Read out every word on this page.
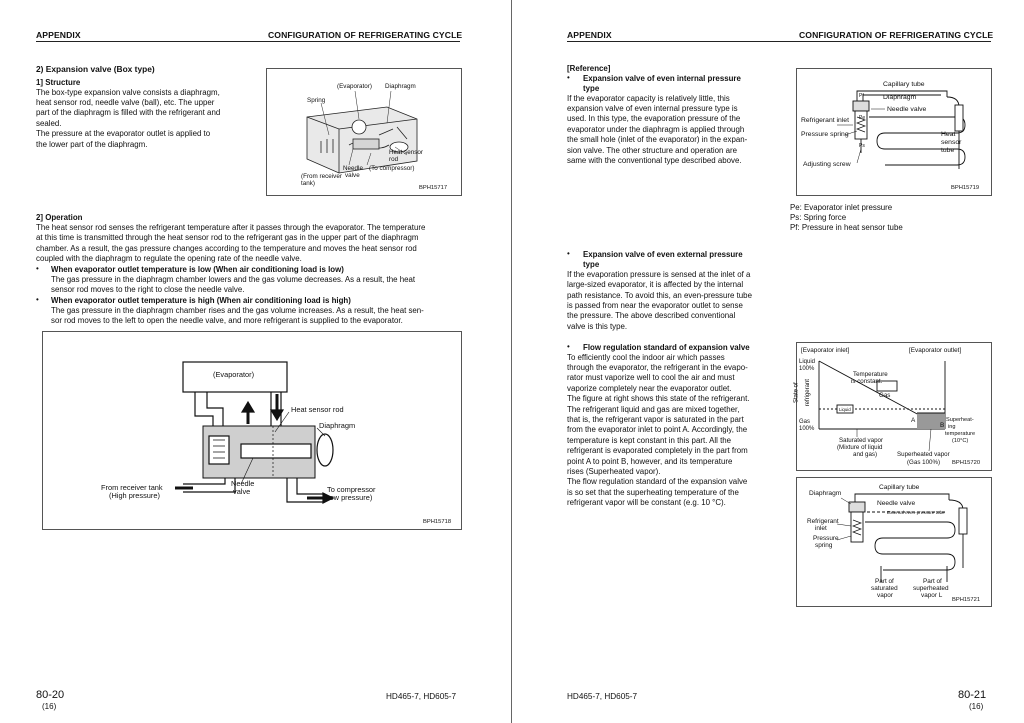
APPENDIX	CONFIGURATION OF REFRIGERATING CYCLE
2) Expansion valve (Box type)
1] Structure
The box-type expansion valve consists a diaphragm,
heat sensor rod, needle valve (ball), etc. The upper
part of the diaphragm is filled with the refrigerant and
sealed.
The pressure at the evaporator outlet is applied to
the lower part of the diaphragm.
(Evaporator) Diaphragm
Spring
Heat sensor
rod
Needle
valve
(To compressor)
(From receiver
tank)
BPH15717
2] Operation
The heat sensor rod senses the refrigerant temperature after it passes through the evaporator. The temperature
at this time is transmitted through the heat sensor rod to the refrigerant gas in the upper part of the diaphragm
chamber. As a result, the gas pressure changes according to the temperature and moves the heat sensor rod
coupled with the diaphragm to regulate the opening rate of the needle valve.
• When evaporator outlet temperature is low (When air conditioning load is low)
The gas pressure in the diaphragm chamber lowers and the gas volume decreases. As a result, the heat
sensor rod moves to the right to close the needle valve.
• When evaporator outlet temperature is high (When air conditioning load is high)
The gas pressure in the diaphragm chamber rises and the gas volume increases. As a result, the heat sen-
sor rod moves to the left to open the needle valve, and more refrigerant is supplied to the evaporator.
(Evaporator)
Heat sensor rod
Diaphragm
From receiver tank
(High pressure)
Needle
valve	To compressor
(Low pressure)
BPH15718
80-20
(16)
HD465-7, HD605-7
APPENDIX	CONFIGURATION OF REFRIGERATING CYCLE
[Reference]
• Expansion valve of even internal pressure
type
If the evaporator capacity is relatively little, this
expansion valve of even internal pressure type is
used. In this type, the evaporation pressure of the
evaporator under the diaphragm is applied through
the small hole (inlet of the evaporator) in the expan-
sion valve. The other structure and operation are
same with the conventional type described above.
Capillary tube
Diaphragm
Needle valve
Refrigerant inlet
Pressure spring	Heat
sensor
tube
Adjusting screw
Pf
Pe
Ps
BPH15719
Pe: Evaporator inlet pressure
Ps: Spring force
Pf: Pressure in heat sensor tube
• Expansion valve of even external pressure
type
If the evaporation pressure is sensed at the inlet of a
large-sized evaporator, it is affected by the internal
path resistance. To avoid this, an even-pressure tube
is passed from near the evaporator outlet to sense
the pressure. The above described conventional
valve is this type.
• Flow regulation standard of expansion valve
To efficiently cool the indoor air which passes
through the evaporator, the refrigerant in the evapo-
rator must vaporize well to cool the air and must
vaporize completely near the evaporator outlet.
The figure at right shows this state of the refrigerant.
The refrigerant liquid and gas are mixed together,
that is, the refrigerant vapor is saturated in the part
from the evaporator inlet to point A. Accordingly, the
temperature is kept constant in this part. All the
refrigerant is evaporated completely in the part from
point A to point B, however, and its temperature
rises (Superheated vapor).
The flow regulation standard of the expansion valve
is so set that the superheating temperature of the
refrigerant vapor will be constant (e.g. 10 °C).
[Evaporator inlet]	[Evaporator outlet]
Liquid
100%
State of refrigerant
Gas
100%
Temperature
is constant.
Gas
Liquid
A
B
Superheat-
ing
temperature
(10°C)
Saturated vapor
(Mixture of liquid
and gas)	Superheated vapor
(Gas 100%) BPH15720
Capillary tube
Diaphragm
Needle valve
External even-pressure tube
Refrigerant
inlet
Pressure
spring
Part of
saturated
vapor
Part of
superheated
vapor L
BPH15721
HD465-7, HD605-7	80-21
(16)
